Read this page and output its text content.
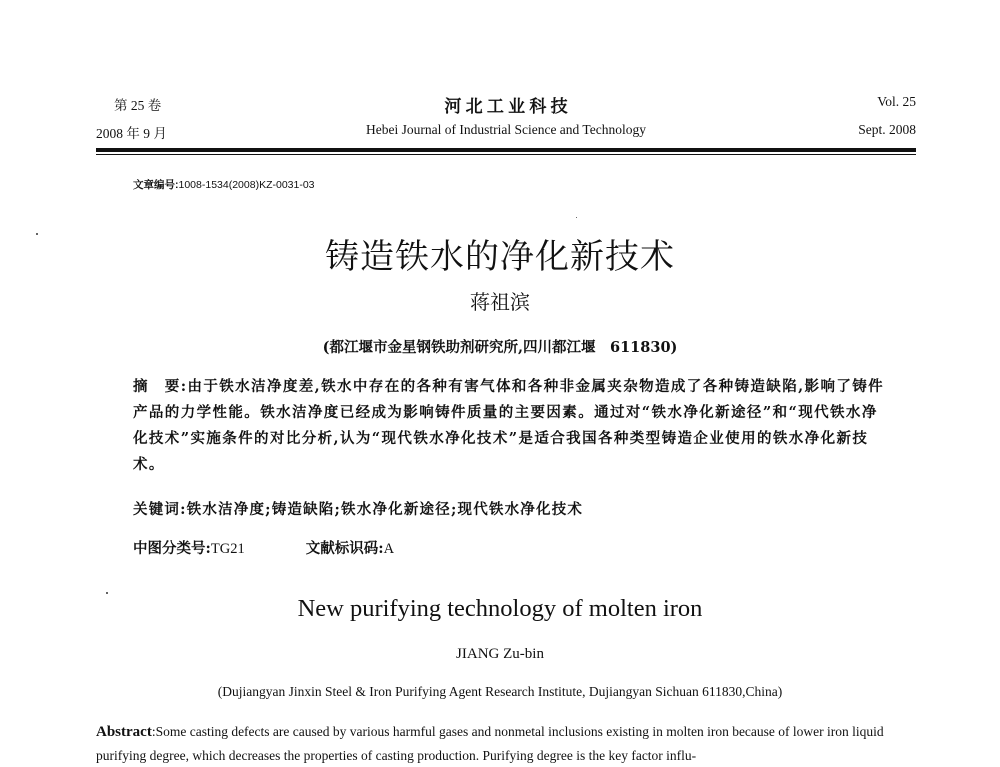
第 25 卷	河 北 工 业 科 技	Vol. 25
2008 年 9 月	Hebei Journal of Industrial Science and Technology	Sept. 2008
文章编号:1008-1534(2008)KZ-0031-03
铸造铁水的净化新技术
蒋祖滨
(都江堰市金星钢铁助剂研究所,四川都江堰　611830)
摘　要:由于铁水洁净度差,铁水中存在的各种有害气体和各种非金属夹杂物造成了各种铸造缺陷,影响了铸件产品的力学性能。铁水洁净度已经成为影响铸件质量的主要因素。通过对“铁水净化新途径”和“现代铁水净化技术”实施条件的对比分析,认为“现代铁水净化技术”是适合我国各种类型铸造企业使用的铁水净化新技术。
关键词:铁水洁净度;铸造缺陷;铁水净化新途径;现代铁水净化技术
中图分类号:TG21	文献标识码:A
New purifying technology of molten iron
JIANG Zu-bin
(Dujiangyan Jinxin Steel & Iron Purifying Agent Research Institute, Dujiangyan Sichuan 611830,China)
Abstract:Some casting defects are caused by various harmful gases and nonmetal inclusions existing in molten iron because of lower iron liquid purifying degree, which decreases the properties of casting production. Purifying degree is the key factor influ-
